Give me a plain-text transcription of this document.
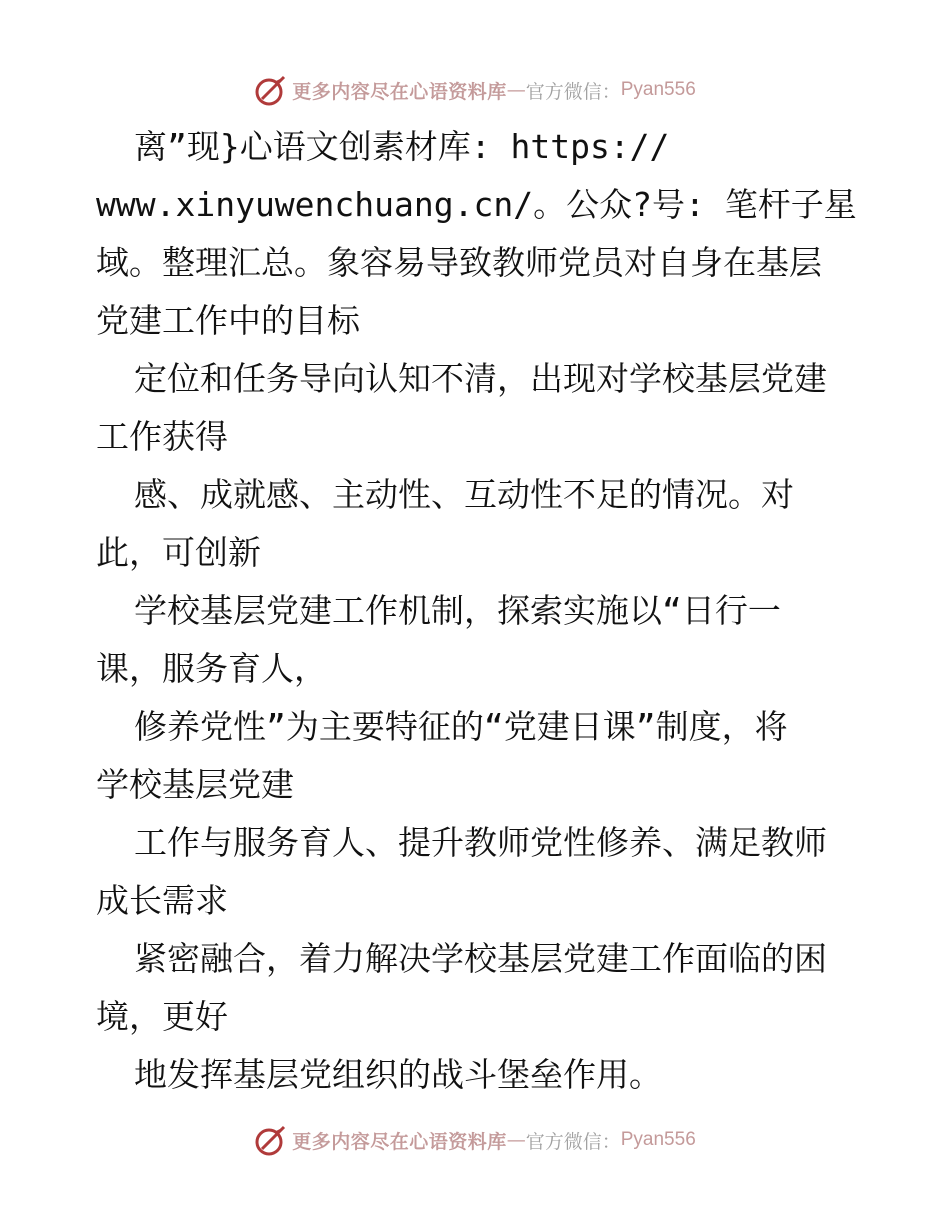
更多内容尽在心语资料库 — 官方微信： Pyan556
离”现}心语文创素材库: https://
www.xinyuwenchuang.cn/。公众?号: 笔杆子星
域。整理汇总。象容易导致教师党员对自身在基层
党建工作中的目标
定位和任务导向认知不清，出现对学校基层党建
工作获得
感、成就感、主动性、互动性不足的情况。对
此，可创新
学校基层党建工作机制，探索实施以“日行一
课，服务育人，
修养党性”为主要特征的“党建日课”制度，将
学校基层党建
工作与服务育人、提升教师党性修养、满足教师
成长需求
紧密融合，着力解决学校基层党建工作面临的困
境，更好
地发挥基层党组织的战斗堡垒作用。
更多内容尽在心语资料库 — 官方微信： Pyan556
